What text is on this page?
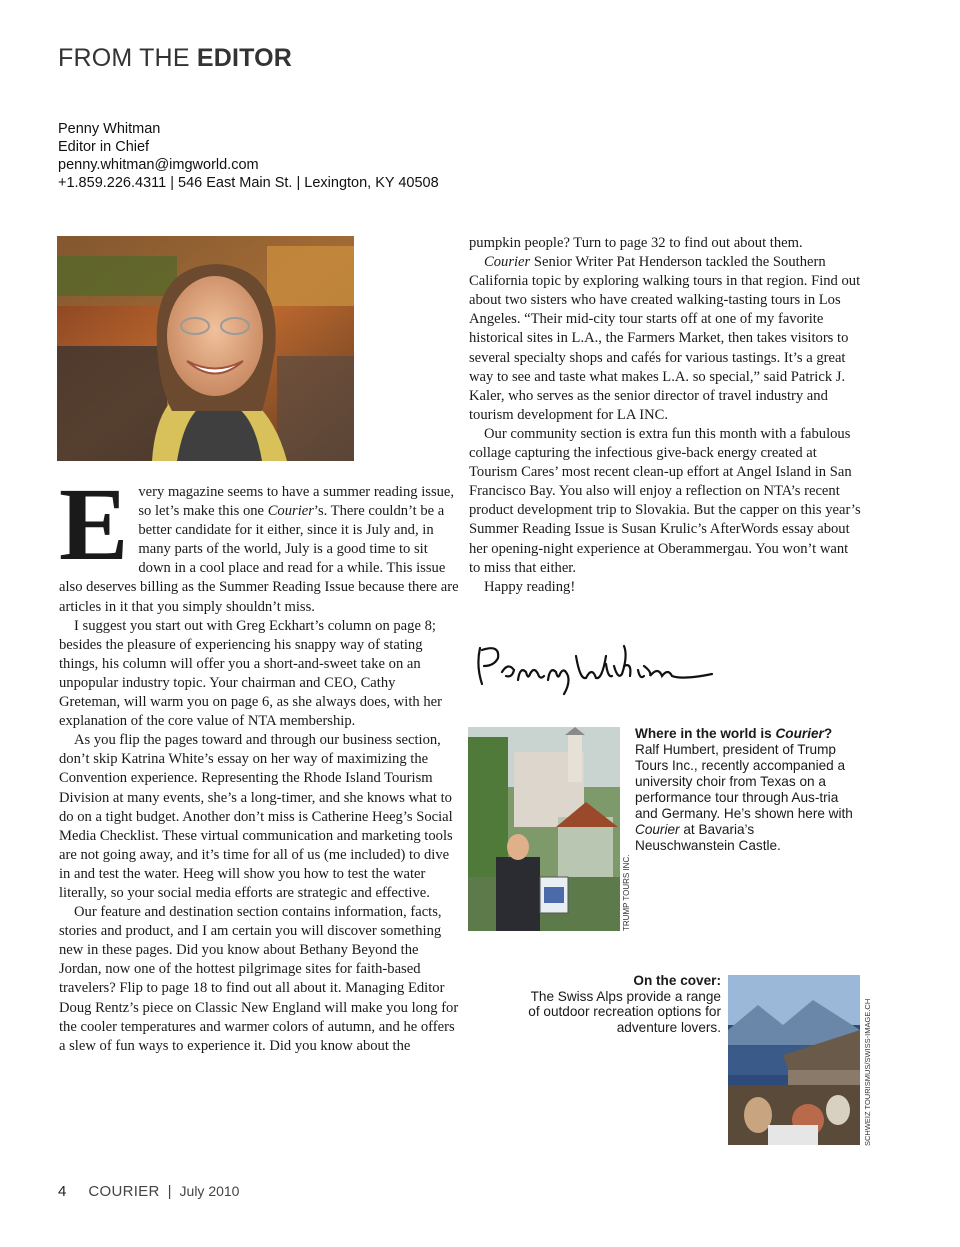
FROM THE EDITOR
Penny Whitman
Editor in Chief
penny.whitman@imgworld.com
+1.859.226.4311 | 546 East Main St. | Lexington, KY 40508

Every magazine seems to have a summer reading issue, so let’s make this one Courier’s. There couldn’t be a better candidate for it either, since it is July and, in many parts of the world, July is a good time to sit down in a cool place and read for a while. This issue also deserves billing as the Summer Reading Issue because there are articles in it that you simply shouldn’t miss.

I suggest you start out with Greg Eckhart’s column on page 8; besides the pleasure of experiencing his snappy way of stating things, his column will offer you a short-and-sweet take on an unpopular industry topic. Your chairman and CEO, Cathy Greteman, will warm you on page 6, as she always does, with her explanation of the core value of NTA membership.

As you flip the pages toward and through our business section, don’t skip Katrina White’s essay on her way of maximizing the Convention experience. Representing the Rhode Island Tourism Division at many events, she’s a long-timer, and she knows what to do on a tight budget. Another don’t miss is Catherine Heeg’s Social Media Checklist. These virtual communication and marketing tools are not going away, and it’s time for all of us (me included) to dive in and test the water. Heeg will show you how to test the water literally, so your social media efforts are strategic and effective.

Our feature and destination section contains information, facts, stories and product, and I am certain you will discover something new in these pages. Did you know about Bethany Beyond the Jordan, now one of the hottest pilgrimage sites for faith-based travelers? Flip to page 18 to find out all about it. Managing Editor Doug Rentz’s piece on Classic New England will make you long for the cooler temperatures and warmer colors of autumn, and he offers a slew of fun ways to experience it. Did you know about the

pumpkin people? Turn to page 32 to find out about them.

Courier Senior Writer Pat Henderson tackled the Southern California topic by exploring walking tours in that region. Find out about two sisters who have created walking-tasting tours in Los Angeles. “Their mid-city tour starts off at one of my favorite historical sites in L.A., the Farmers Market, then takes visitors to several specialty shops and cafés for various tastings. It’s a great way to see and taste what makes L.A. so special,” said Patrick J. Kaler, who serves as the senior director of travel industry and tourism development for LA INC.

Our community section is extra fun this month with a fabulous collage capturing the infectious give-back energy created at Tourism Cares’ most recent clean-up effort at Angel Island in San Francisco Bay. You also will enjoy a reflection on NTA’s recent product development trip to Slovakia. But the capper on this year’s Summer Reading Issue is Susan Krulic’s AfterWords essay about her opening-night experience at Oberammergau. You won’t want to miss that either.

Happy reading!

TRUMP TOURS INC.
Where in the world is Courier?
Ralf Humbert, president of Trump Tours Inc., recently accompanied a university choir from Texas on a performance tour through Aus-tria and Germany. He’s shown here with Courier at Bavaria’s Neuschwanstein Castle.
On the cover:
The Swiss Alps provide a range of outdoor recreation options for adventure lovers.	SCHWEIZ TOURISMUS/SWISS-IMAGE.CH
4 COURIER | July 2010
